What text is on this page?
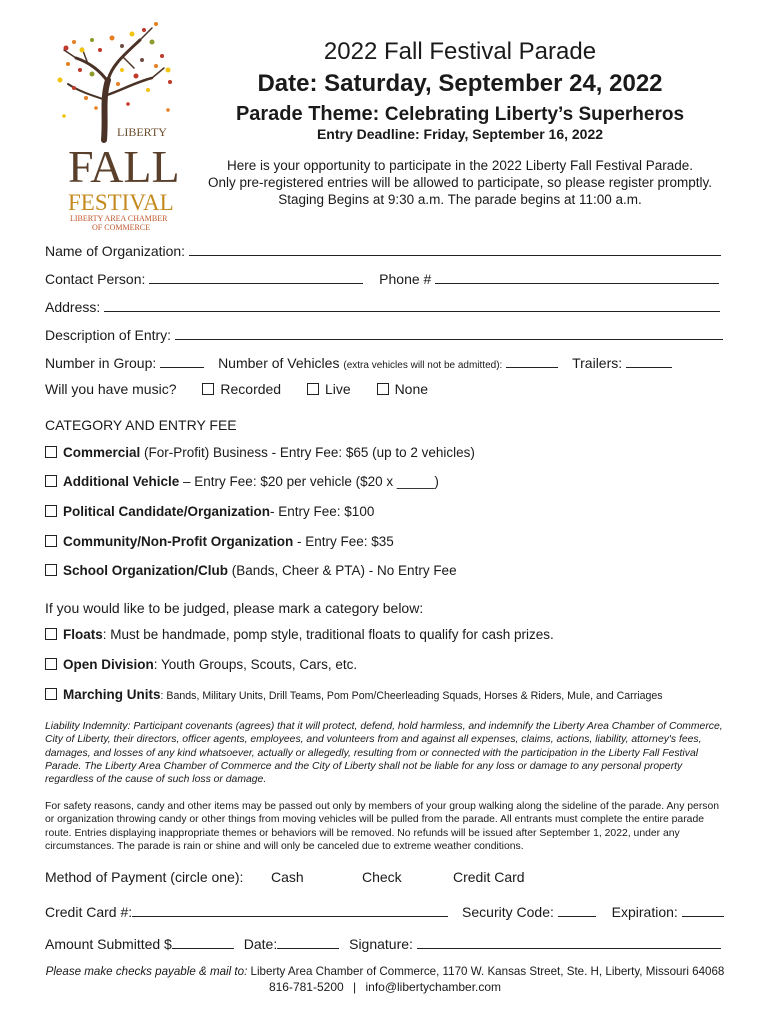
LIBERTY
FALL
FESTIVAL
LIBERTY AREA CHAMBER
OF COMMERCE
2022 Fall Festival Parade
Date: Saturday, September 24, 2022
Parade Theme: Celebrating Liberty’s Superheros
Entry Deadline: Friday, September 16, 2022
Here is your opportunity to participate in the 2022 Liberty Fall Festival Parade.
Only pre-registered entries will be allowed to participate, so please register promptly.
Staging Begins at 9:30 a.m. The parade begins at 11:00 a.m.
Name of Organization:
Contact Person:	Phone #
Address:
Description of Entry:
Number in Group:	Number of Vehicles (extra vehicles will not be admitted):	Trailers:
Will you have music?	Recorded	Live	None
CATEGORY AND ENTRY FEE
Commercial (For-Profit) Business - Entry Fee: $65 (up to 2 vehicles)
Additional Vehicle – Entry Fee: $20 per vehicle ($20 x _____)
Political Candidate/Organization- Entry Fee: $100
Community/Non-Profit Organization - Entry Fee: $35
School Organization/Club (Bands, Cheer & PTA) - No Entry Fee
If you would like to be judged, please mark a category below:
Floats: Must be handmade, pomp style, traditional floats to qualify for cash prizes.
Open Division: Youth Groups, Scouts, Cars, etc.
Marching Units: Bands, Military Units, Drill Teams, Pom Pom/Cheerleading Squads, Horses & Riders, Mule, and Carriages
Liability Indemnity: Participant covenants (agrees) that it will protect, defend, hold harmless, and indemnify the Liberty Area Chamber of Commerce, City of Liberty, their directors, officer agents, employees, and volunteers from and against all expenses, claims, actions, liability, attorney's fees, damages, and losses of any kind whatsoever, actually or allegedly, resulting from or connected with the participation in the Liberty Fall Festival Parade. The Liberty Area Chamber of Commerce and the City of Liberty shall not be liable for any loss or damage to any personal property regardless of the cause of such loss or damage.
For safety reasons, candy and other items may be passed out only by members of your group walking along the sideline of the parade. Any person or organization throwing candy or other things from moving vehicles will be pulled from the parade. All entrants must complete the entire parade route. Entries displaying inappropriate themes or behaviors will be removed. No refunds will be issued after September 1, 2022, under any circumstances. The parade is rain or shine and will only be canceled due to extreme weather conditions.
Method of Payment (circle one): Cash	Check	Credit Card
Credit Card #:	Security Code:	Expiration:
Amount Submitted $	Date:	Signature:
Please make checks payable & mail to: Liberty Area Chamber of Commerce, 1170 W. Kansas Street, Ste. H, Liberty, Missouri 64068
816-781-5200 | info@libertychamber.com
